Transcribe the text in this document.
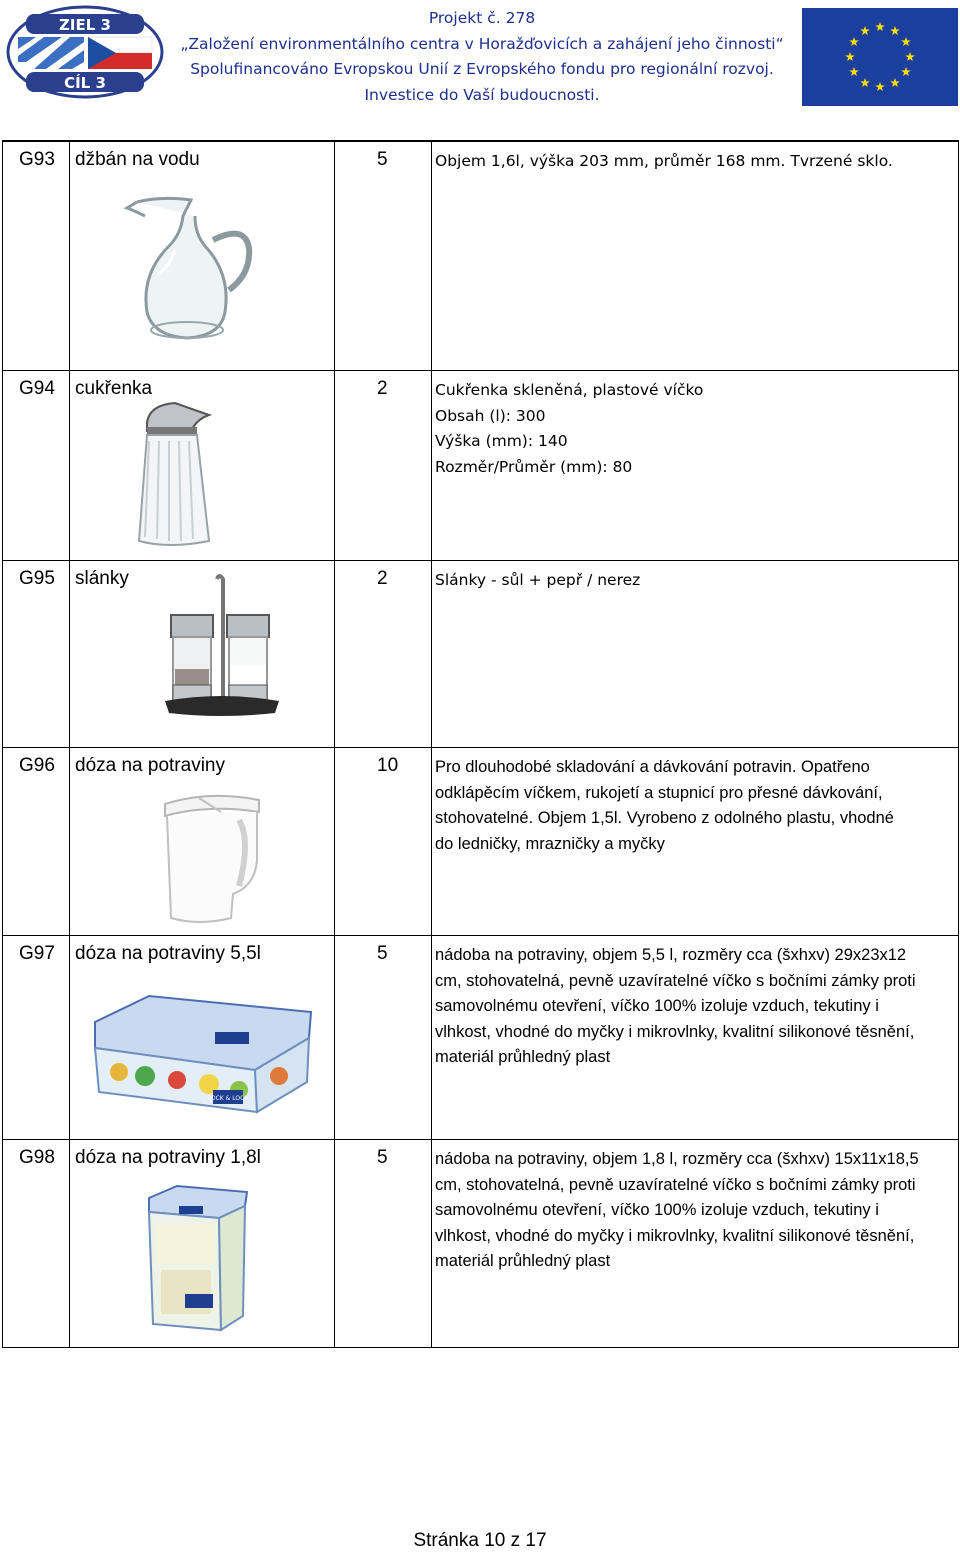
ZIEL 3
CÍL 3
Projekt č. 278
„Založení environmentálního centra v Horažďovicích a zahájení jeho činnosti“
Spolufinancováno Evropskou Unií z Evropského fondu pro regionální rozvoj.
Investice do Vaší budoucnosti.
G93 džbán na vodu	5	Objem 1,6l, výška 203 mm, průměr 168 mm. Tvrzené sklo.
G94 cukřenka	2	Cukřenka skleněná, plastové víčko
Obsah (l): 300
Výška (mm): 140
Rozměr/Průměr (mm): 80
G95 slánky	2	Slánky - sůl + pepř / nerez
G96 dóza na potraviny	10 Pro dlouhodobé skladování a dávkování potravin. Opatřeno
odklápěcím víčkem, rukojetí a stupnicí pro přesné dávkování,
stohovatelné. Objem 1,5l. Vyrobeno z odolného plastu, vhodné
do ledničky, mrazničky a myčky
G97 dóza na potraviny 5,5l	5	nádoba na potraviny, objem 5,5 l, rozměry cca (šxhxv) 29x23x12
cm, stohovatelná, pevně uzavíratelné víčko s bočními zámky proti
samovolnému otevření, víčko 100% izoluje vzduch, tekutiny i
vlhkost, vhodné do myčky i mikrovlnky, kvalitní silikonové těsnění,
materiál průhledný plast
LOCK & LOCK
G98 dóza na potraviny 1,8l	5	nádoba na potraviny, objem 1,8 l, rozměry cca (šxhxv) 15x11x18,5
cm, stohovatelná, pevně uzavíratelné víčko s bočními zámky proti
samovolnému otevření, víčko 100% izoluje vzduch, tekutiny i
vlhkost, vhodné do myčky i mikrovlnky, kvalitní silikonové těsnění,
materiál průhledný plast
Stránka 10 z 17
